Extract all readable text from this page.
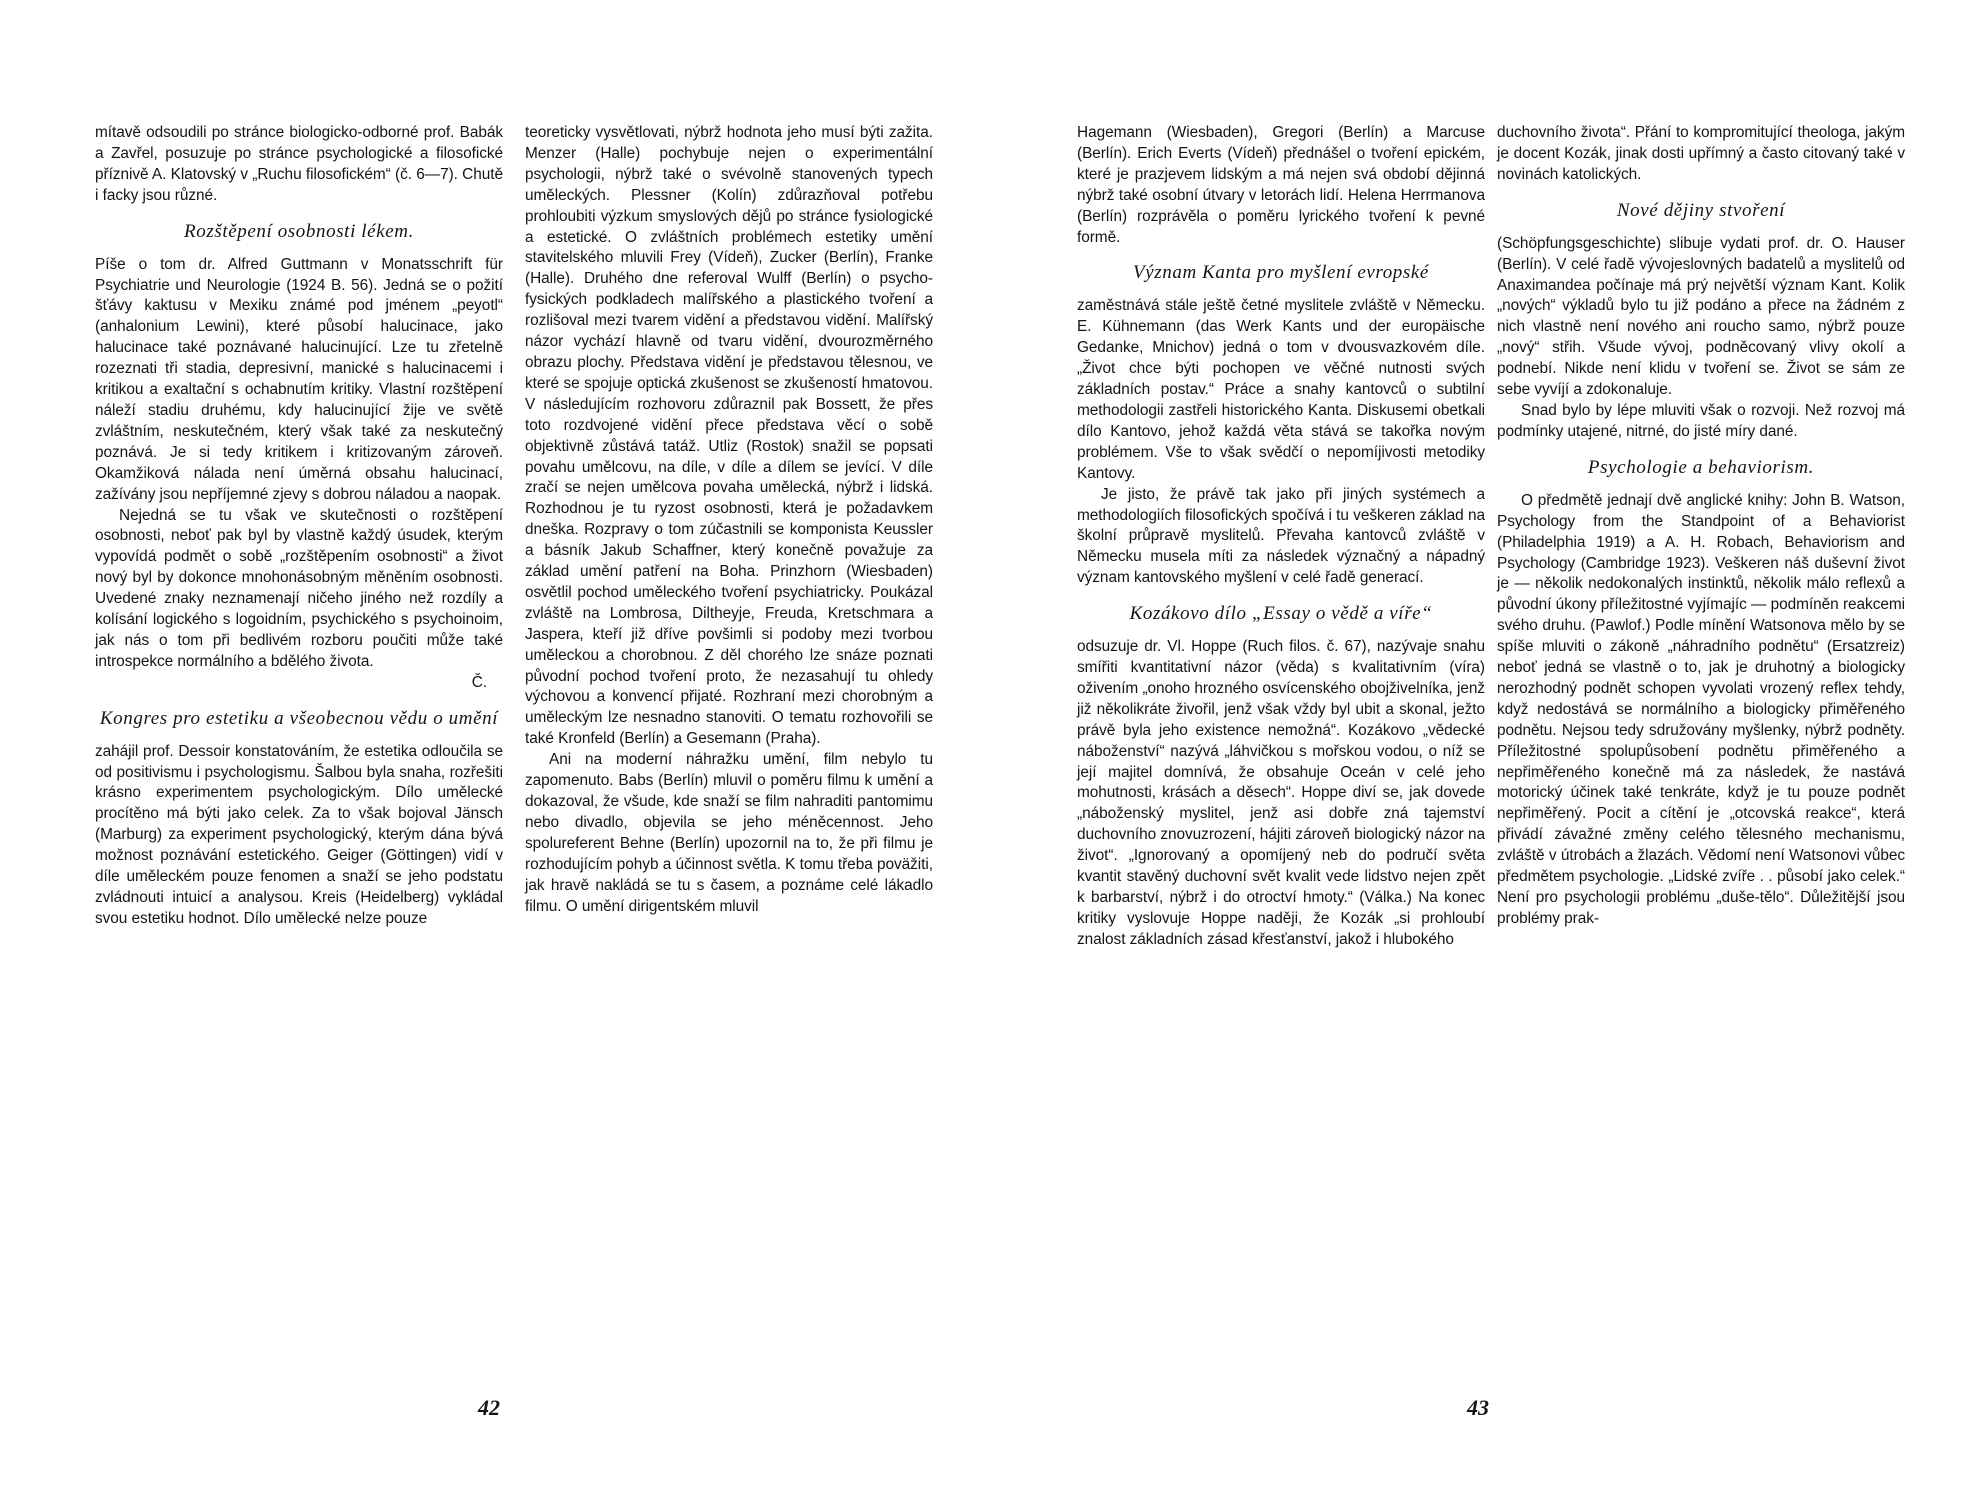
mítavě odsoudili po stránce biologicko-odborné prof. Babák a Zavřel, posuzuje po stránce psychologické a filosofické příznivě A. Klatovský v „Ruchu filosofickém“ (č. 6—7). Chutě i facky jsou různé.

Rozštěpení osobnosti lékem.

Píše o tom dr. Alfred Guttmann v Monatsschrift für Psychiatrie und Neurologie (1924 B. 56). Jedná se o požití šťávy kaktusu v Mexiku známé pod jménem „peyotl“ (anhalonium Lewini), které působí halucinace, jako halucinace také poznávané halucinující. Lze tu zřetelně rozeznati tři stadia, depresivní, manické s halucinacemi i kritikou a exaltační s ochabnutím kritiky. Vlastní rozštěpení náleží stadiu druhému, kdy halucinující žije ve světě zvláštním, neskutečném, který však také za neskutečný poznává. Je si tedy kritikem i kritizovaným zároveň. Okamžiková nálada není úměrná obsahu halucinací, zažívány jsou nepříjemné zjevy s dobrou náladou a naopak.

Nejedná se tu však ve skutečnosti o rozštěpení osobnosti, neboť pak byl by vlastně každý úsudek, kterým vypovídá podmět o sobě „rozštěpením osobnosti“ a život nový byl by dokonce mnohonásobným měněním osobnosti. Uvedené znaky neznamenají ničeho jiného než rozdíly a kolísání logického s logoidním, psychického s psychoinoim, jak nás o tom při bedlivém rozboru poučiti může také introspekce normálního a bdělého života.

Č.

Kongres pro estetiku a všeobecnou vědu o umění

zahájil prof. Dessoir konstatováním, že estetika odloučila se od positivismu i psychologismu. Šalbou byla snaha, rozřešiti krásno experimentem psychologickým. Dílo umělecké procítěno má býti jako celek. Za to však bojoval Jänsch (Marburg) za experiment psychologický, kterým dána bývá možnost poznávání estetického. Geiger (Göttingen) vidí v díle uměleckém pouze fenomen a snaží se jeho podstatu zvládnouti intuicí a analysou. Kreis (Heidelberg) vykládal svou estetiku hodnot. Dílo umělecké nelze pouze

teoreticky vysvětlovati, nýbrž hodnota jeho musí býti zažita. Menzer (Halle) pochybuje nejen o experimentální psychologii, nýbrž také o svévolně stanovených typech uměleckých. Plessner (Kolín) zdůrazňoval potřebu prohloubiti výzkum smyslových dějů po stránce fysiologické a estetické. O zvláštních problémech estetiky umění stavitelského mluvili Frey (Vídeň), Zucker (Berlín), Franke (Halle). Druhého dne referoval Wulff (Berlín) o psycho-fysických podkladech malířského a plastického tvoření a rozlišoval mezi tvarem vidění a představou vidění. Malířský názor vychází hlavně od tvaru vidění, dvourozměrného obrazu plochy. Představa vidění je představou tělesnou, ve které se spojuje optická zkušenost se zkušeností hmatovou. V následujícím rozhovoru zdůraznil pak Bossett, že přes toto rozdvojené vidění přece představa věcí o sobě objektivně zůstává tatáž. Utliz (Rostok) snažil se popsati povahu umělcovu, na díle, v díle a dílem se jevící. V díle zračí se nejen umělcova povaha umělecká, nýbrž i lidská. Rozhodnou je tu ryzost osobnosti, která je požadavkem dneška. Rozpravy o tom zúčastnili se komponista Keussler a básník Jakub Schaffner, který konečně považuje za základ umění patření na Boha. Prinzhorn (Wiesbaden) osvětlil pochod uměleckého tvoření psychiatricky. Poukázal zvláště na Lombrosa, Diltheyje, Freuda, Kretschmara a Jaspera, kteří již dříve povšimli si podoby mezi tvorbou uměleckou a chorobnou. Z děl chorého lze snáze poznati původní pochod tvoření proto, že nezasahují tu ohledy výchovou a konvencí přijaté. Rozhraní mezi chorobným a uměleckým lze nesnadno stanoviti. O tematu rozhovořili se také Kronfeld (Berlín) a Gesemann (Praha).

Ani na moderní náhražku umění, film nebylo tu zapomenuto. Babs (Berlín) mluvil o poměru filmu k umění a dokazoval, že všude, kde snaží se film nahraditi pantomimu nebo divadlo, objevila se jeho méněcennost. Jeho spolureferent Behne (Berlín) upozornil na to, že při filmu je rozhodujícím pohyb a účinnost světla. K tomu třeba poväžiti, jak hravě nakládá se tu s časem, a poznáme celé lákadlo filmu. O umění dirigentském mluvil

42

Hagemann (Wiesbaden), Gregori (Berlín) a Marcuse (Berlín). Erich Everts (Vídeň) přednášel o tvoření epickém, které je prazjevem lidským a má nejen svá období dějinná nýbrž také osobní útvary v letorách lidí. Helena Herrmanova (Berlín) rozprávěla o poměru lyrického tvoření k pevné formě.

Význam Kanta pro myšlení evropské

zaměstnává stále ještě četné myslitele zvláště v Německu. E. Kühnemann (das Werk Kants und der europäische Gedanke, Mnichov) jedná o tom v dvousvazkovém díle. „Život chce býti pochopen ve věčné nutnosti svých základních postav.“ Práce a snahy kantovců o subtilní methodologii zastřeli historického Kanta. Diskusemi obetkali dílo Kantovo, jehož každá věta stává se takořka novým problémem. Vše to však svědčí o nepomíjivosti metodiky Kantovy.

Je jisto, že právě tak jako při jiných systémech a methodologiích filosofických spočívá i tu veškeren základ na školní průpravě myslitelů. Převaha kantovců zvláště v Německu musela míti za následek význačný a nápadný význam kantovského myšlení v celé řadě generací.

Kozákovo dílo „Essay o vědě a víře“

odsuzuje dr. Vl. Hoppe (Ruch filos. č. 67), nazývaje snahu smířiti kvantitativní názor (věda) s kvalitativním (víra) oživením „onoho hrozného osvícenského obojživelníka, jenž již několikráte živořil, jenž však vždy byl ubit a skonal, ježto právě byla jeho existence nemožná“. Kozákovo „vědecké náboženství“ nazývá „láhvičkou s mořskou vodou, o níž se její majitel domnívá, že obsahuje Oceán v celé jeho mohutnosti, krásách a děsech“. Hoppe diví se, jak dovede „náboženský myslitel, jenž asi dobře zná tajemství duchovního znovuzrození, hájiti zároveň biologický názor na život“. „Ignorovaný a opomíjený neb do područí světa kvantit stavěný duchovní svět kvalit vede lidstvo nejen zpět k barbarství, nýbrž i do otroctví hmoty.“ (Válka.) Na konec kritiky vyslovuje Hoppe naději, že Kozák „si prohloubí znalost základních zásad křesťanství, jakož i hlubokého

duchovního života“. Přání to kompromitující theologa, jakým je docent Kozák, jinak dosti upřímný a často citovaný také v novinách katolických.

Nové dějiny stvoření

(Schöpfungsgeschichte) slibuje vydati prof. dr. O. Hauser (Berlín). V celé řadě vývojeslovných badatelů a myslitelů od Anaximandea počínaje má prý největší význam Kant. Kolik „nových“ výkladů bylo tu již podáno a přece na žádném z nich vlastně není nového ani roucho samo, nýbrž pouze „nový“ střih. Všude vývoj, podněcovaný vlivy okolí a podnebí. Nikde není klidu v tvoření se. Život se sám ze sebe vyvíjí a zdokonaluje.

Snad bylo by lépe mluviti však o rozvoji. Než rozvoj má podmínky utajené, nitrné, do jisté míry dané.

Psychologie a behaviorism.

O předmětě jednají dvě anglické knihy: John B. Watson, Psychology from the Standpoint of a Behaviorist (Philadelphia 1919) a A. H. Robach, Behaviorism and Psychology (Cambridge 1923). Veškeren náš duševní život je — několik nedokonalých instinktů, několik málo reflexů a původní úkony příležitostné vyjímajíc — podmíněn reakcemi svého druhu. (Pawlof.) Podle mínění Watsonova mělo by se spíše mluviti o zákoně „náhradního podnětu“ (Ersatzreiz) neboť jedná se vlastně o to, jak je druhotný a biologicky nerozhodný podnět schopen vyvolati vrozený reflex tehdy, když nedostává se normálního a biologicky přiměřeného podnětu. Nejsou tedy sdružovány myšlenky, nýbrž podněty. Příležitostné spolupůsobení podnětu přiměřeného a nepřiměřeného konečně má za následek, že nastává motorický účinek také tenkráte, když je tu pouze podnět nepřiměřený. Pocit a cítění je „otcovská reakce“, která přivádí závažné změny celého tělesného mechanismu, zvláště v útrobách a žlazách. Vědomí není Watsonovi vůbec předmětem psychologie. „Lidské zvíře . . působí jako celek.“ Není pro psychologii problému „duše-tělo“. Důležitější jsou problémy prak-

43
